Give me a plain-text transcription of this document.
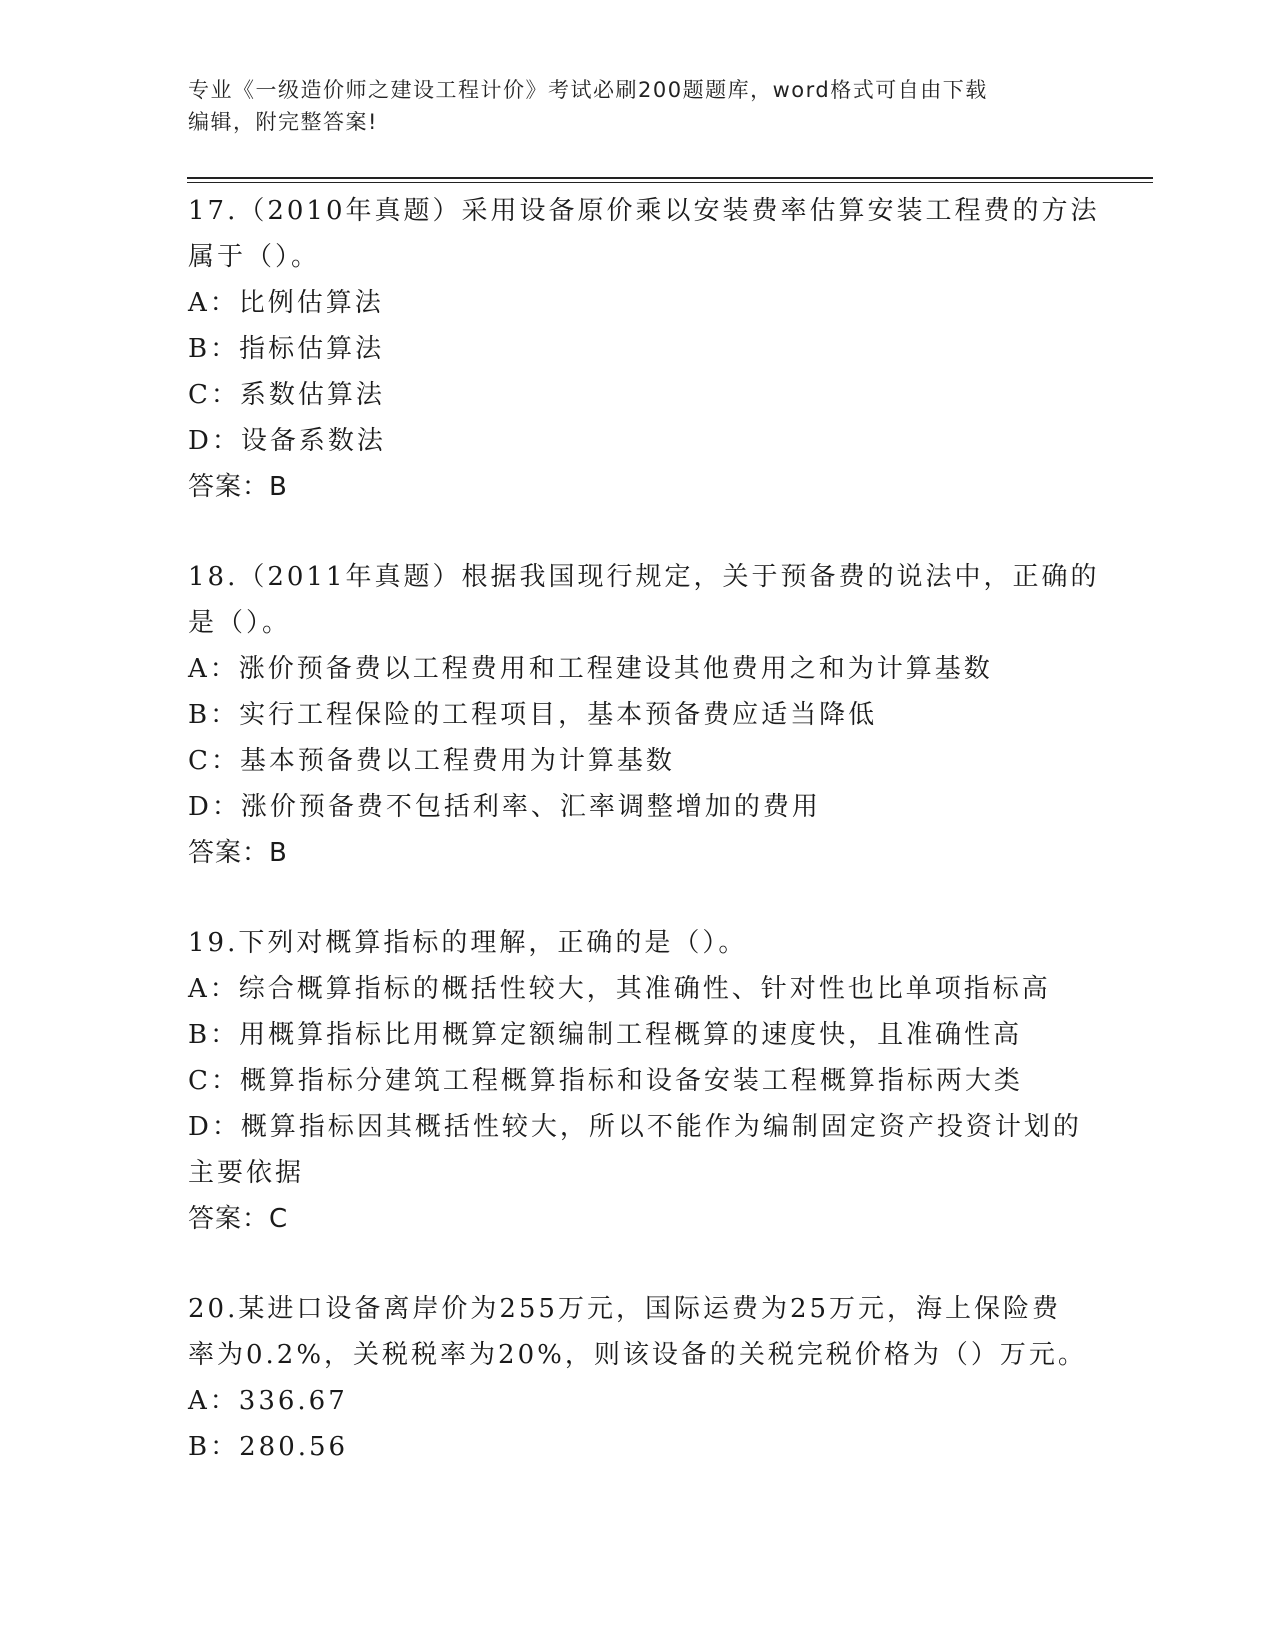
专业《一级造价师之建设工程计价》考试必刷200题题库，word格式可自由下载
编辑，附完整答案!
17.（2010年真题）采用设备原价乘以安装费率估算安装工程费的方法
属于（）。
A：比例估算法
B：指标估算法
C：系数估算法
D：设备系数法
答案：B
18.（2011年真题）根据我国现行规定，关于预备费的说法中，正确的
是（）。
A：涨价预备费以工程费用和工程建设其他费用之和为计算基数
B：实行工程保险的工程项目，基本预备费应适当降低
C：基本预备费以工程费用为计算基数
D：涨价预备费不包括利率、汇率调整增加的费用
答案：B
19.下列对概算指标的理解，正确的是（）。
A：综合概算指标的概括性较大，其准确性、针对性也比单项指标高
B：用概算指标比用概算定额编制工程概算的速度快，且准确性高
C：概算指标分建筑工程概算指标和设备安装工程概算指标两大类
D：概算指标因其概括性较大，所以不能作为编制固定资产投资计划的
主要依据
答案：C
20.某进口设备离岸价为255万元，国际运费为25万元，海上保险费
率为0.2%，关税税率为20%，则该设备的关税完税价格为（）万元。
A：336.67
B：280.56
